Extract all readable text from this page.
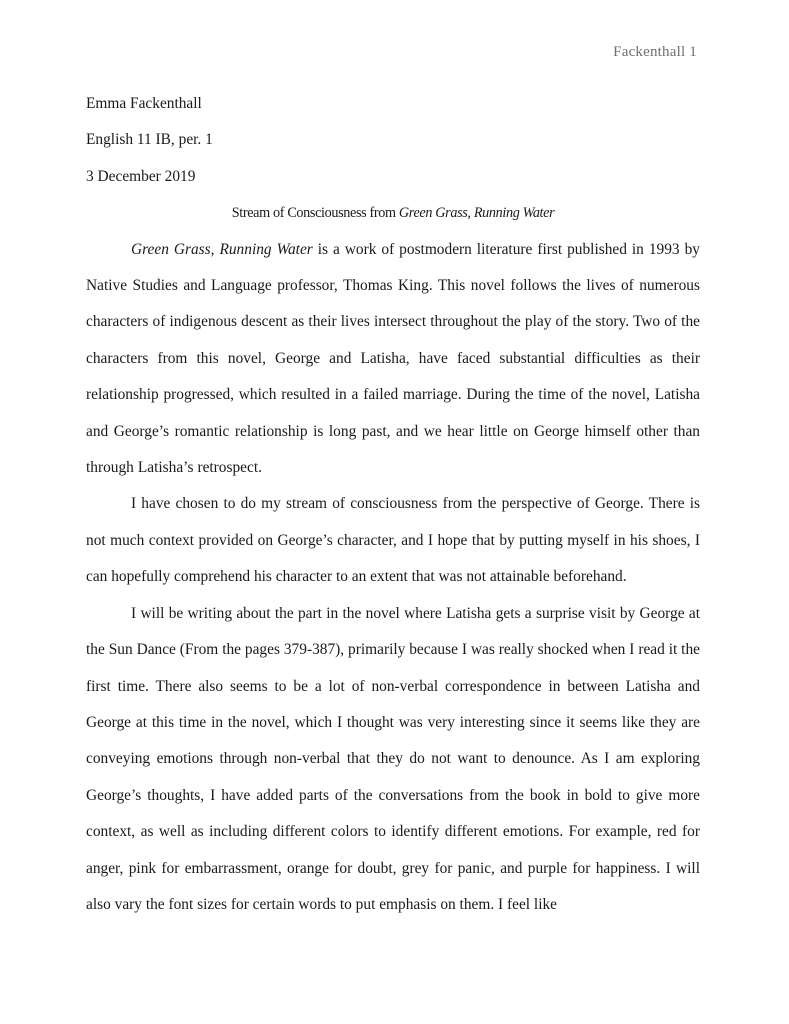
Fackenthall 1

Emma Fackenthall

English 11 IB, per. 1

3 December 2019

Stream of Consciousness from Green Grass, Running Water

Green Grass, Running Water is a work of postmodern literature first published in 1993 by Native Studies and Language professor, Thomas King. This novel follows the lives of numerous characters of indigenous descent as their lives intersect throughout the play of the story. Two of the characters from this novel, George and Latisha, have faced substantial difficulties as their relationship progressed, which resulted in a failed marriage. During the time of the novel, Latisha and George’s romantic relationship is long past, and we hear little on George himself other than through Latisha’s retrospect.

I have chosen to do my stream of consciousness from the perspective of George. There is not much context provided on George’s character, and I hope that by putting myself in his shoes, I can hopefully comprehend his character to an extent that was not attainable beforehand.

I will be writing about the part in the novel where Latisha gets a surprise visit by George at the Sun Dance (From the pages 379-387), primarily because I was really shocked when I read it the first time. There also seems to be a lot of non-verbal correspondence in between Latisha and George at this time in the novel, which I thought was very interesting since it seems like they are conveying emotions through non-verbal that they do not want to denounce. As I am exploring George’s thoughts, I have added parts of the conversations from the book in bold to give more context, as well as including different colors to identify different emotions. For example, red for anger, pink for embarrassment, orange for doubt, grey for panic, and purple for happiness. I will also vary the font sizes for certain words to put emphasis on them. I feel like
